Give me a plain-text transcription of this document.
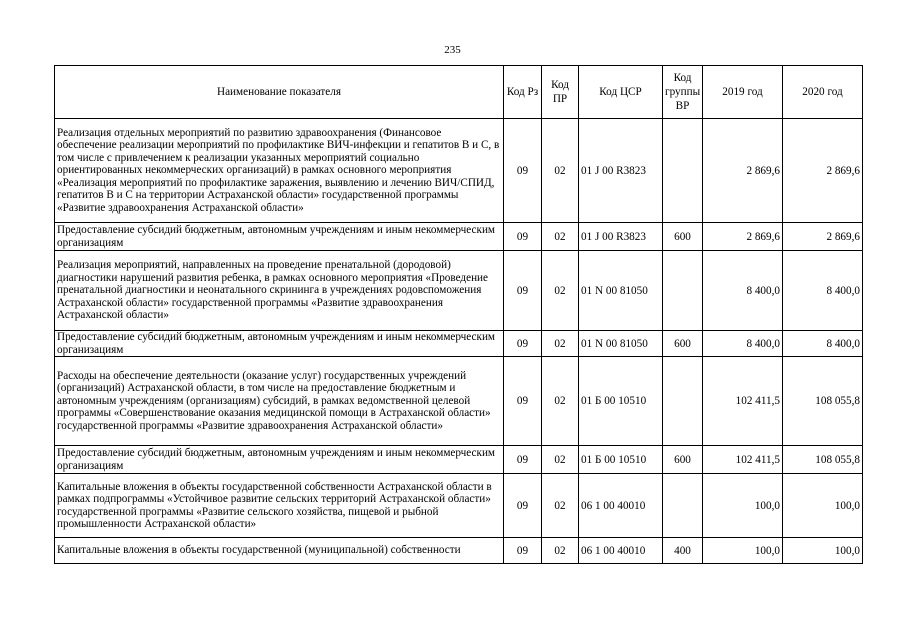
235
Наименование показателя	Код Рз	Код ПР	Код ЦСР	Код группы ВР	2019 год	2020 год
Реализация отдельных мероприятий по развитию здравоохранения (Финансовое обеспечение реализации мероприятий по профилактике ВИЧ-инфекции и гепатитов В и С, в том числе с привлечением к реализации указанных мероприятий социально ориентированных некоммерческих организаций) в рамках основного мероприятия «Реализация мероприятий по профилактике заражения, выявлению и лечению ВИЧ/СПИД, гепатитов В и С на территории Астраханской области» государственной программы «Развитие здравоохранения Астраханской области»	09	02	01 J 00 R3823		2 869,6	2 869,6
Предоставление субсидий бюджетным, автономным учреждениям и иным некоммерческим организациям	09	02	01 J 00 R3823	600	2 869,6	2 869,6
Реализация мероприятий, направленных на проведение пренатальной (дородовой) диагностики нарушений развития ребенка, в рамках основного мероприятия «Проведение пренатальной диагностики и неонатального скрининга в учреждениях родовспоможения Астраханской области» государственной программы «Развитие здравоохранения Астраханской области»	09	02	01 N 00 81050		8 400,0	8 400,0
Предоставление субсидий бюджетным, автономным учреждениям и иным некоммерческим организациям	09	02	01 N 00 81050	600	8 400,0	8 400,0
Расходы на обеспечение деятельности (оказание услуг) государственных учреждений (организаций) Астраханской области, в том числе на предоставление бюджетным и автономным учреждениям (организациям) субсидий, в рамках ведомственной целевой программы «Совершенствование оказания медицинской помощи в Астраханской области» государственной программы «Развитие здравоохранения Астраханской области»	09	02	01 Б 00 10510		102 411,5	108 055,8
Предоставление субсидий бюджетным, автономным учреждениям и иным некоммерческим организациям	09	02	01 Б 00 10510	600	102 411,5	108 055,8
Капитальные вложения в объекты государственной собственности Астраханской области в рамках подпрограммы «Устойчивое развитие сельских территорий Астраханской области» государственной программы «Развитие сельского хозяйства, пищевой и рыбной промышленности Астраханской области»	09	02	06 1 00 40010		100,0	100,0
Капитальные вложения в объекты государственной (муниципальной) собственности	09	02	06 1 00 40010	400	100,0	100,0
